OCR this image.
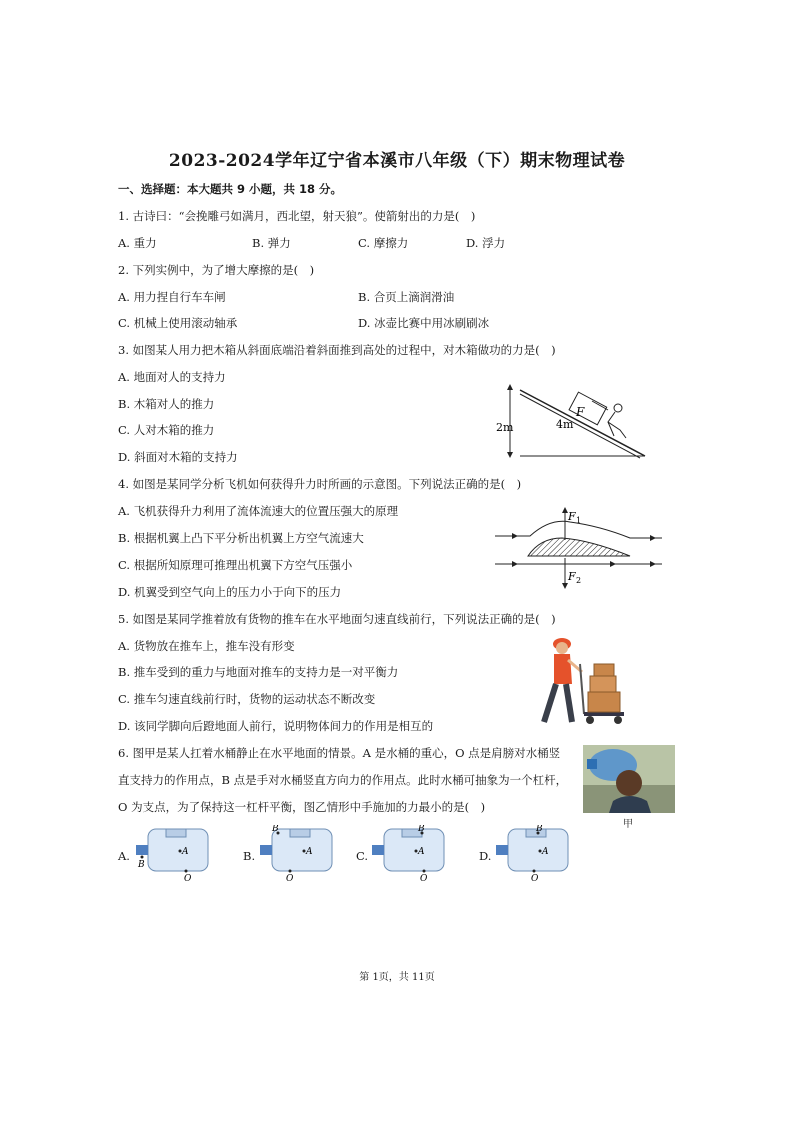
2023-2024学年辽宁省本溪市八年级（下）期末物理试卷
一、选择题：本大题共 9 小题，共 18 分。
1. 古诗曰：“会挽雕弓如满月，西北望，射天狼”。使箭射出的力是(　)
A. 重力	B. 弹力	C. 摩擦力	D. 浮力
2. 下列实例中，为了增大摩擦的是(　)
A. 用力捏自行车车闸	B. 合页上滴润滑油
C. 机械上使用滚动轴承	D. 冰壶比赛中用冰刷刷冰
3. 如图某人用力把木箱从斜面底端沿着斜面推到高处的过程中，对木箱做功的力是(　)
A. 地面对人的支持力
B. 木箱对人的推力
C. 人对木箱的推力
D. 斜面对木箱的支持力
2m	4m
F
4. 如图是某同学分析飞机如何获得升力时所画的示意图。下列说法正确的是(　)
A. 飞机获得升力利用了流体流速大的位置压强大的原理
B. 根据机翼上凸下平分析出机翼上方空气流速大
C. 根据所知原理可推理出机翼下方空气压强小
D. 机翼受到空气向上的压力小于向下的压力
F 1
F 2
5. 如图是某同学推着放有货物的推车在水平地面匀速直线前行，下列说法正确的是(　)
A. 货物放在推车上，推车没有形变
B. 推车受到的重力与地面对推车的支持力是一对平衡力
C. 推车匀速直线前行时，货物的运动状态不断改变
D. 该同学脚向后蹬地面人前行，说明物体间力的作用是相互的
6. 图甲是某人扛着水桶静止在水平地面的情景。A 是水桶的重心，O 点是肩膀对水桶竖
直支持力的作用点，B 点是手对水桶竖直方向力的作用点。此时水桶可抽象为一个杠杆，
O 为支点，为了保持这一杠杆平衡，图乙情形中手施加的力最小的是(　)
甲
A.	B.	C.	D.
A
B
O
A
B
O
A
B
O
A
B
O
第 1页，共 11页
